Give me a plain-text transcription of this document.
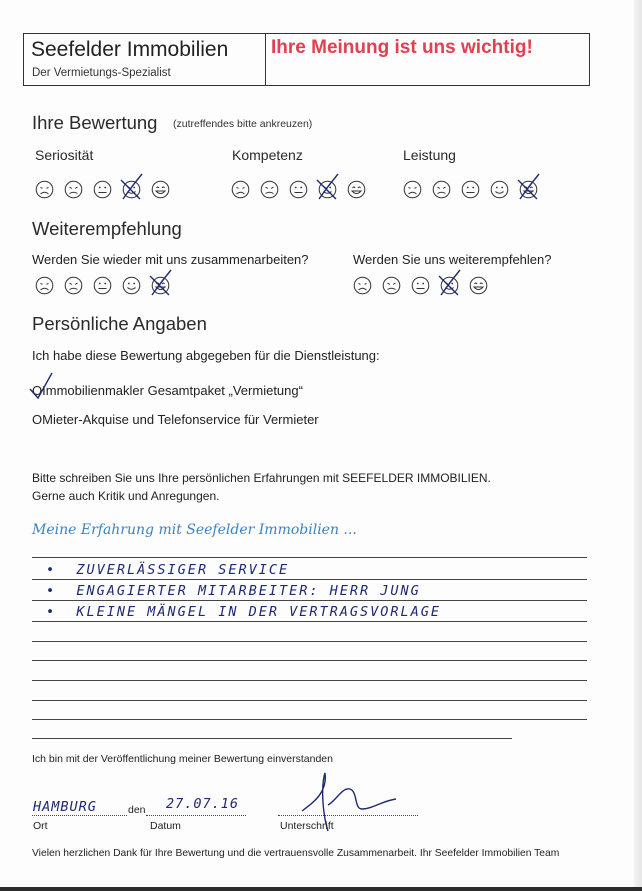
Seefelder Immobilien
Der Vermietungs-Spezialist
Ihre Meinung ist uns wichtig!
Ihre Bewertung (zutreffendes bitte ankreuzen)
Seriosität	Kompetenz	Leistung
Weiterempfehlung
Werden Sie wieder mit uns zusammenarbeiten?	Werden Sie uns weiterempfehlen?
Persönliche Angaben
Ich habe diese Bewertung abgegeben für die Dienstleistung:
OImmobilienmakler Gesamtpaket „Vermietung“
OMieter-Akquise und Telefonservice für Vermieter
Bitte schreiben Sie uns Ihre persönlichen Erfahrungen mit SEEFELDER IMMOBILIEN.
Gerne auch Kritik und Anregungen.
Meine Erfahrung mit Seefelder Immobilien ...
• ZUVERLÄSSIGER SERVICE
• ENGAGIERTER MITARBEITER: HERR JUNG
• KLEINE MÄNGEL IN DER VERTRAGSVORLAGE
Ich bin mit der Veröffentlichung meiner Bewertung einverstanden
HAMBURG	den 27.07.16
Ort	Datum	Unterschrift
Vielen herzlichen Dank für Ihre Bewertung und die vertrauensvolle Zusammenarbeit. Ihr Seefelder Immobilien Team
